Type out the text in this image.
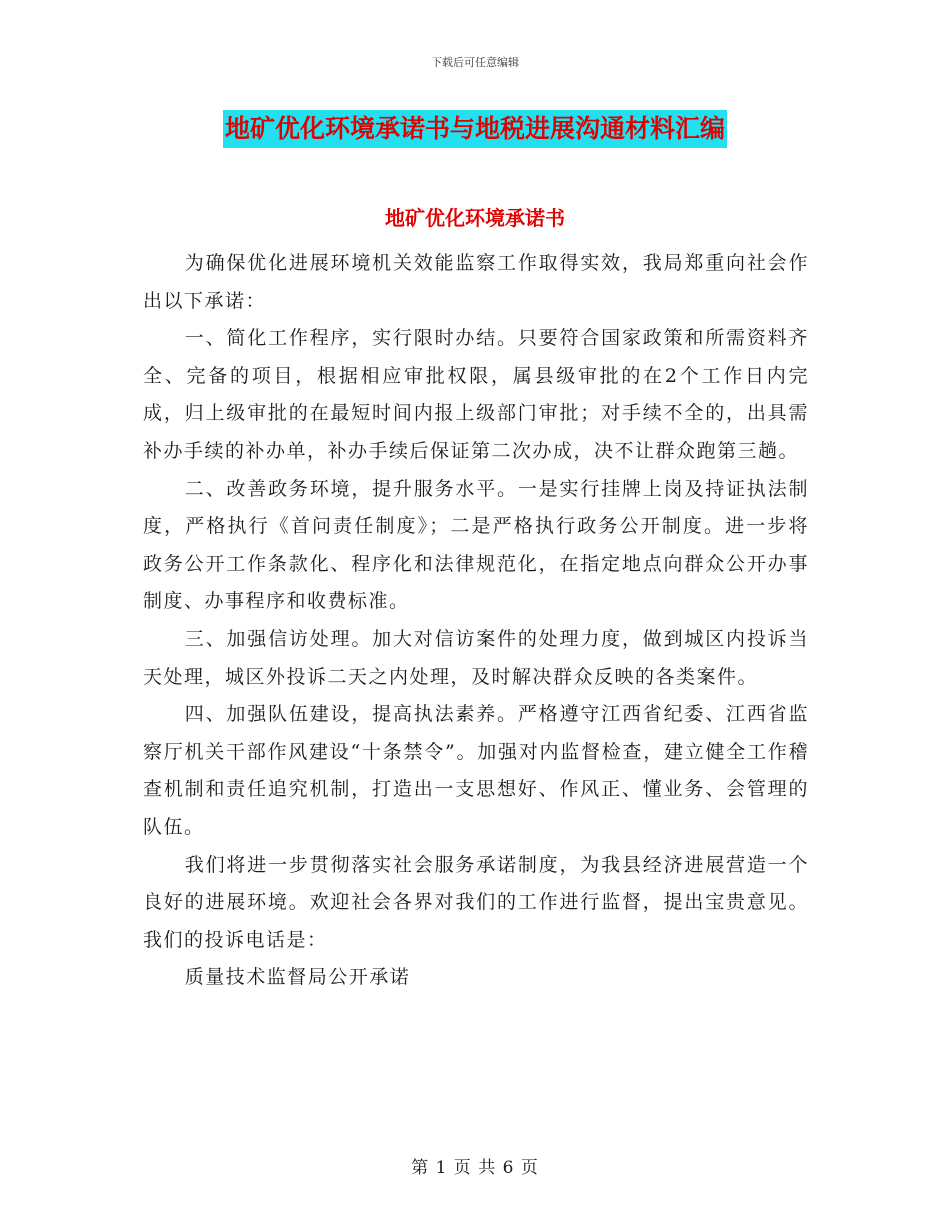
下载后可任意编辑
地矿优化环境承诺书与地税进展沟通材料汇编
地矿优化环境承诺书

为确保优化进展环境机关效能监察工作取得实效，我局郑重向社会作出以下承诺：

一、简化工作程序，实行限时办结。只要符合国家政策和所需资料齐全、完备的项目，根据相应审批权限，属县级审批的在2个工作日内完成，归上级审批的在最短时间内报上级部门审批；对手续不全的，出具需补办手续的补办单，补办手续后保证第二次办成，决不让群众跑第三趟。

二、改善政务环境，提升服务水平。一是实行挂牌上岗及持证执法制度，严格执行《首问责任制度》；二是严格执行政务公开制度。进一步将政务公开工作条款化、程序化和法律规范化，在指定地点向群众公开办事制度、办事程序和收费标准。

三、加强信访处理。加大对信访案件的处理力度，做到城区内投诉当天处理，城区外投诉二天之内处理，及时解决群众反映的各类案件。

四、加强队伍建设，提高执法素养。严格遵守江西省纪委、江西省监察厅机关干部作风建设“十条禁令”。加强对内监督检查，建立健全工作稽查机制和责任追究机制，打造出一支思想好、作风正、懂业务、会管理的队伍。

我们将进一步贯彻落实社会服务承诺制度，为我县经济进展营造一个良好的进展环境。欢迎社会各界对我们的工作进行监督，提出宝贵意见。我们的投诉电话是：

质量技术监督局公开承诺

第 1 页 共 6 页
